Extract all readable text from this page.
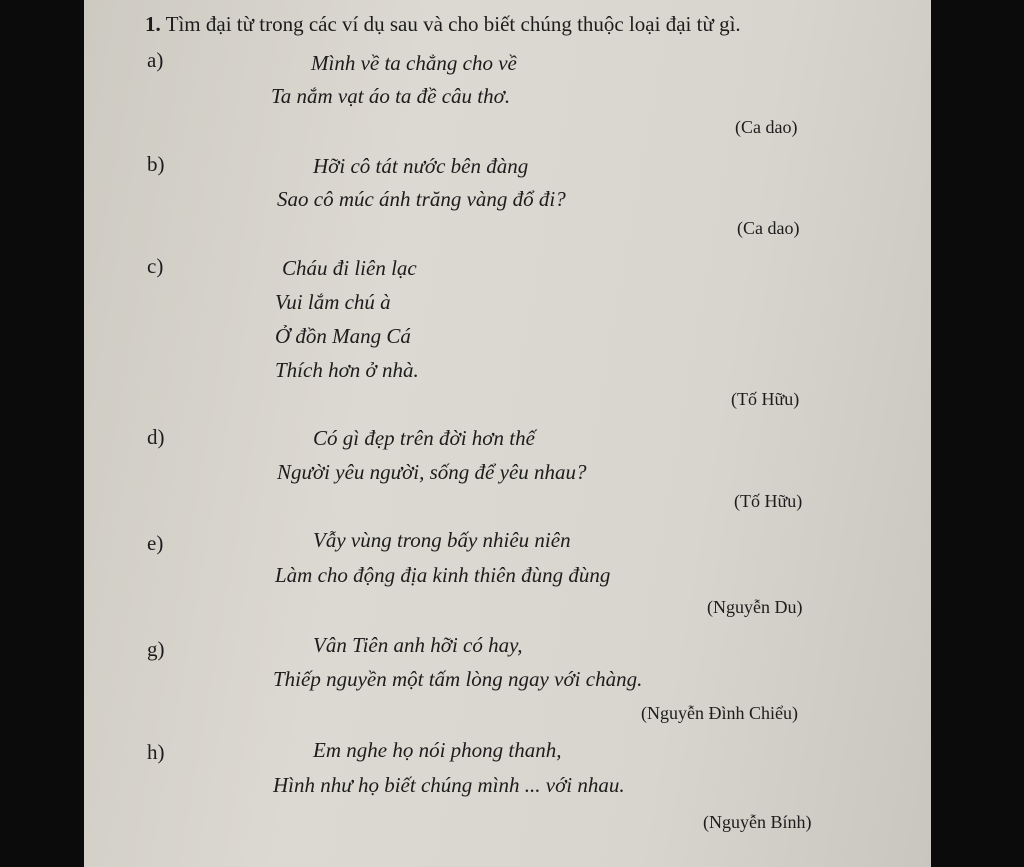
1. Tìm đại từ trong các ví dụ sau và cho biết chúng thuộc loại đại từ gì.
a)	Mình về ta chẳng cho về
Ta nắm vạt áo ta đề câu thơ.
(Ca dao)
b)	Hỡi cô tát nước bên đàng
Sao cô múc ánh trăng vàng đổ đi?
(Ca dao)
c)	Cháu đi liên lạc
Vui lắm chú à
Ở đồn Mang Cá
Thích hơn ở nhà.
(Tố Hữu)
d)	Có gì đẹp trên đời hơn thế
Người yêu người, sống để yêu nhau?
(Tố Hữu)
e)	Vẫy vùng trong bấy nhiêu niên
Làm cho động địa kinh thiên đùng đùng
(Nguyễn Du)
g)	Vân Tiên anh hỡi có hay,
Thiếp nguyền một tấm lòng ngay với chàng.
(Nguyễn Đình Chiểu)
h)	Em nghe họ nói phong thanh,
Hình như họ biết chúng mình ... với nhau.
(Nguyễn Bính)
